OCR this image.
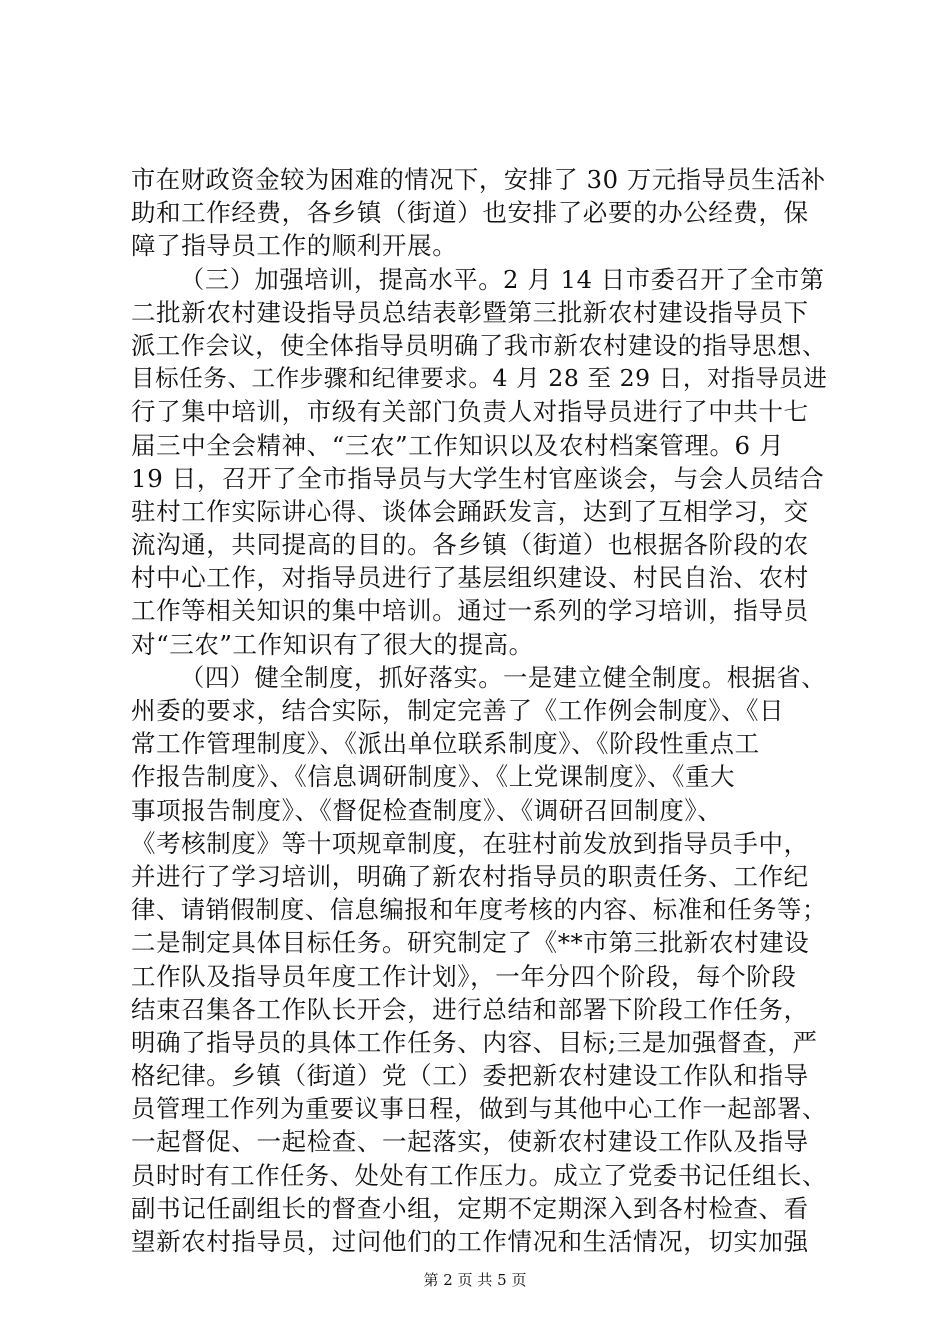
市在财政资金较为困难的情况下，安排了 30 万元指导员生活补
助和工作经费，各乡镇（街道）也安排了必要的办公经费，保
障了指导员工作的顺利开展。
（三）加强培训，提高水平。2 月 14 日市委召开了全市第
二批新农村建设指导员总结表彰暨第三批新农村建设指导员下
派工作会议，使全体指导员明确了我市新农村建设的指导思想、
目标任务、工作步骤和纪律要求。4 月 28 至 29 日，对指导员进
行了集中培训，市级有关部门负责人对指导员进行了中共十七
届三中全会精神、“三农”工作知识以及农村档案管理。6 月
19 日，召开了全市指导员与大学生村官座谈会，与会人员结合
驻村工作实际讲心得、谈体会踊跃发言，达到了互相学习，交
流沟通，共同提高的目的。各乡镇（街道）也根据各阶段的农
村中心工作，对指导员进行了基层组织建设、村民自治、农村
工作等相关知识的集中培训。通过一系列的学习培训，指导员
对“三农”工作知识有了很大的提高。
（四）健全制度，抓好落实。一是建立健全制度。根据省、
州委的要求，结合实际，制定完善了《工作例会制度》、《日
常工作管理制度》、《派出单位联系制度》、《阶段性重点工
作报告制度》、《信息调研制度》、《上党课制度》、《重大
事项报告制度》、《督促检查制度》、《调研召回制度》、
《考核制度》等十项规章制度，在驻村前发放到指导员手中，
并进行了学习培训，明确了新农村指导员的职责任务、工作纪
律、请销假制度、信息编报和年度考核的内容、标准和任务等；
二是制定具体目标任务。研究制定了《**市第三批新农村建设
工作队及指导员年度工作计划》，一年分四个阶段，每个阶段
结束召集各工作队长开会，进行总结和部署下阶段工作任务，
明确了指导员的具体工作任务、内容、目标;三是加强督查，严
格纪律。乡镇（街道）党（工）委把新农村建设工作队和指导
员管理工作列为重要议事日程，做到与其他中心工作一起部署、
一起督促、一起检查、一起落实，使新农村建设工作队及指导
员时时有工作任务、处处有工作压力。成立了党委书记任组长、
副书记任副组长的督查小组，定期不定期深入到各村检查、看
望新农村指导员，过问他们的工作情况和生活情况，切实加强
第 2 页 共 5 页
